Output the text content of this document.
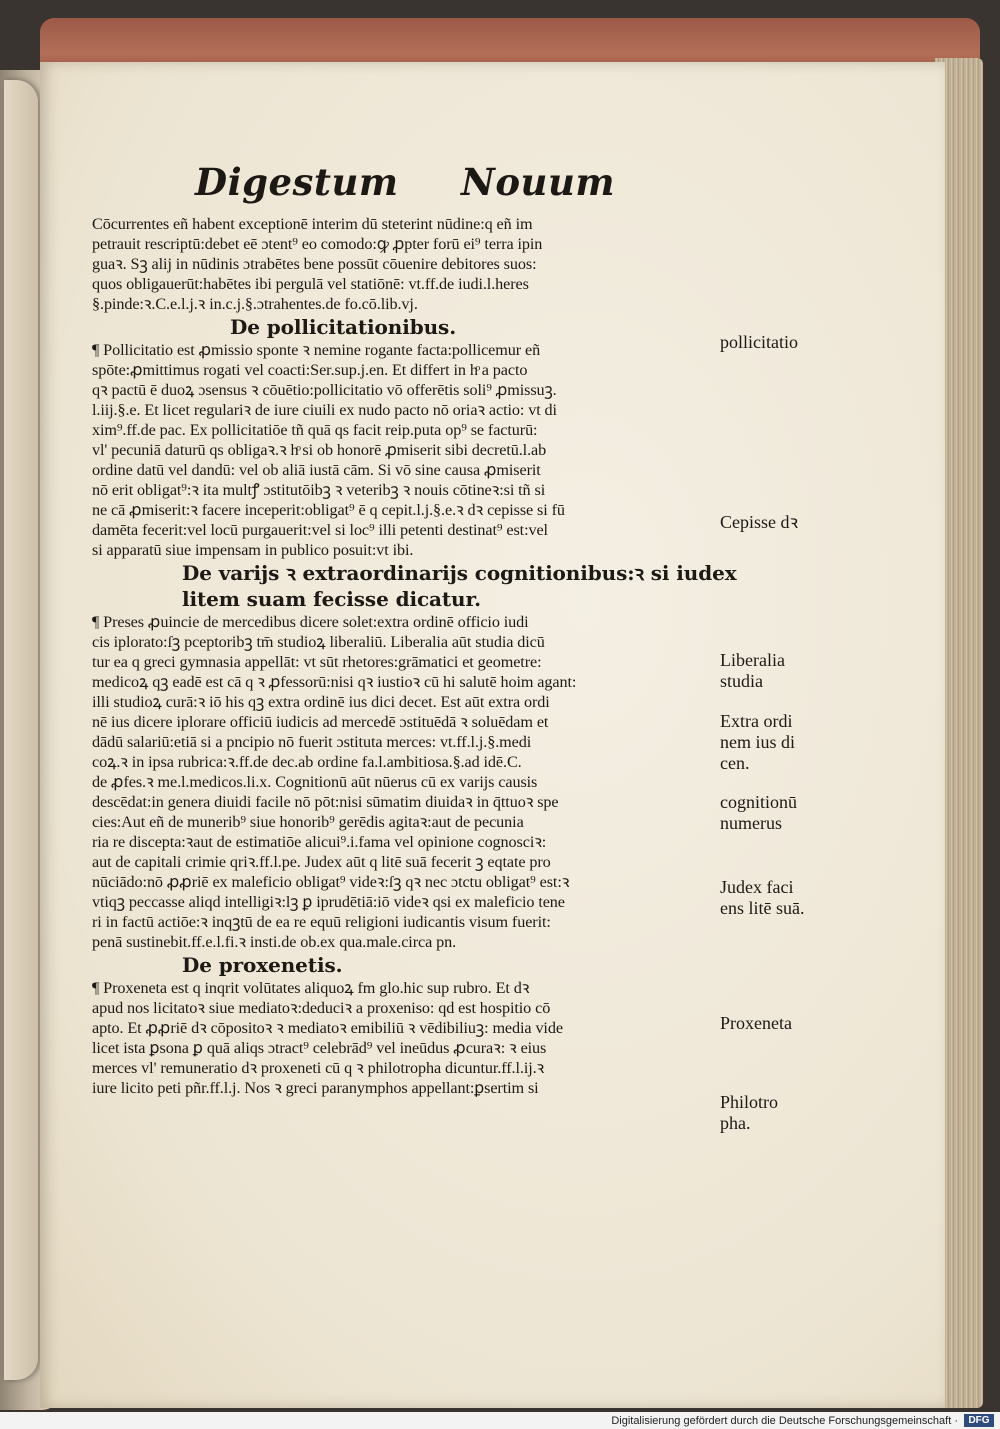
Digestum Nouum
Cōcurrentes eñ habent exceptionē interim dū steterint nūdine:q eñ im
petrauit rescriptū:debet eē ɔtent⁹ eo comodo:ꝙ ꝓpter forū ei⁹ terra ipin
guaꝛ. Sꝫ alij in nūdinis ɔtrabētes bene possūt cōuenire debitores suos:
quos obligauerūt:habētes ibi pergulā vel statiōnē: vt.ff.de iudi.l.heres
§.pinde:ꝛ.C.e.l.j.ꝛ in.c.j.§.ɔtrahentes.de fo.cō.lib.vj.
De pollicitationibus.
¶ Pollicitatio est ꝓmissio sponte ꝛ nemine rogante facta:pollicemur eñ
spōte:ꝓmittimus rogati vel coacti:Ser.sup.j.en. Et differt in hͦ a pacto
qꝛ pactū ē duoꝝ ɔsensus ꝛ cōuētio:pollicitatio vō offerētis soli⁹ ꝓmissuꝫ.
l.iij.§.e. Et licet regulariꝛ de iure ciuili ex nudo pacto nō oriaꝛ actio: vt di
xim⁹.ff.de pac. Ex pollicitatiōe tñ quā qs facit reip.puta op⁹ se facturū:
vl' pecuniā daturū qs obligaꝛ.ꝛ hͦ si ob honorē ꝓmiserit sibi decretū.l.ab
ordine datū vel dandū: vel ob aliā iustā cām. Si vō sine causa ꝓmiserit
nō erit obligat⁹:ꝛ ita multꝭ ɔstitutōibꝫ ꝛ veteribꝫ ꝛ nouis cōtineꝛ:si tñ si
ne cā ꝓmiserit:ꝛ facere inceperit:obligat⁹ ē q cepit.l.j.§.e.ꝛ dꝛ cepisse si fū
damēta fecerit:vel locū purgauerit:vel si loc⁹ illi petenti destinat⁹ est:vel
si apparatū siue impensam in publico posuit:vt ibi.
De varijs ꝛ extraordinarijs cognitionibus:ꝛ si iudex
litem suam fecisse dicatur.
¶ Preses ꝓuincie de mercedibus dicere solet:extra ordinē officio iudi
cis iplorato:ſꝫ pceptoribꝫ tm̄ studioꝝ liberaliū. Liberalia aūt studia dicū
tur ea q greci gymnasia appellāt: vt sūt rhetores:grāmatici et geometre:
medicoꝝ qꝫ eadē est cā q ꝛ ꝓfessorū:nisi qꝛ iustioꝛ cū hi salutē hoim agant:
illi studioꝝ curā:ꝛ iō his qꝫ extra ordinē ius dici decet. Est aūt extra ordi
nē ius dicere iplorare officiū iudicis ad mercedē ɔstituēdā ꝛ soluēdam et
dādū salariū:etiā si a pncipio nō fuerit ɔstituta merces: vt.ff.l.j.§.medi
coꝝ.ꝛ in ipsa rubrica:ꝛ.ff.de dec.ab ordine fa.l.ambitiosa.§.ad idē.C.
de ꝓfes.ꝛ me.l.medicos.li.x. Cognitionū aūt nūerus cū ex varijs causis
descēdat:in genera diuidi facile nō pōt:nisi sūmatim diuidaꝛ in q̄ttuoꝛ spe
cies:Aut eñ de munerib⁹ siue honorib⁹ gerēdis agitaꝛ:aut de pecunia
ria re discepta:ꝛaut de estimatiōe alicui⁹.i.fama vel opinione cognosciꝛ:
aut de capitali crimie qriꝛ.ff.l.pe. Judex aūt q litē suā fecerit ꝫ eqtate pro
nūciādo:nō ꝓꝓriē ex maleficio obligat⁹ videꝛ:ſꝫ qꝛ nec ɔtctu obligat⁹ est:ꝛ
vtiqꝫ peccasse aliqd intelligiꝛ:lꝫ ꝑ iprudētiā:iō videꝛ qsi ex maleficio tene
ri in factū actiōe:ꝛ inqꝫtū de ea re equū religioni iudicantis visum fuerit:
penā sustinebit.ff.e.l.fi.ꝛ insti.de ob.ex qua.male.circa pn.
De proxenetis.
¶ Proxeneta est q inqrit volūtates aliquoꝝ fm glo.hic sup rubro. Et dꝛ
apud nos licitatoꝛ siue mediatoꝛ:deduciꝛ a proxeniso: qd est hospitio cō
apto. Et ꝓꝓriē dꝛ cōpositoꝛ ꝛ mediatoꝛ emibiliū ꝛ vēdibiliuꝫ: media vide
licet ista ꝑsona ꝑ quā aliqs ɔtract⁹ celebrād⁹ vel ineūdus ꝓcuraꝛ: ꝛ eius
merces vl' remuneratio dꝛ proxeneti cū q ꝛ philotropha dicuntur.ff.l.ij.ꝛ
iure licito peti pñr.ff.l.j. Nos ꝛ greci paranymphos appellant:ꝑsertim si
pollicitatio
Cepisse dꝛ
Liberalia
studia
Extra ordi
nem ius di
cen.
cognitionū
numerus
Judex faci
ens litē suā.
Proxeneta
Philotro
pha.
Digitalisierung gefördert durch die Deutsche Forschungsgemeinschaft ·	DFG
